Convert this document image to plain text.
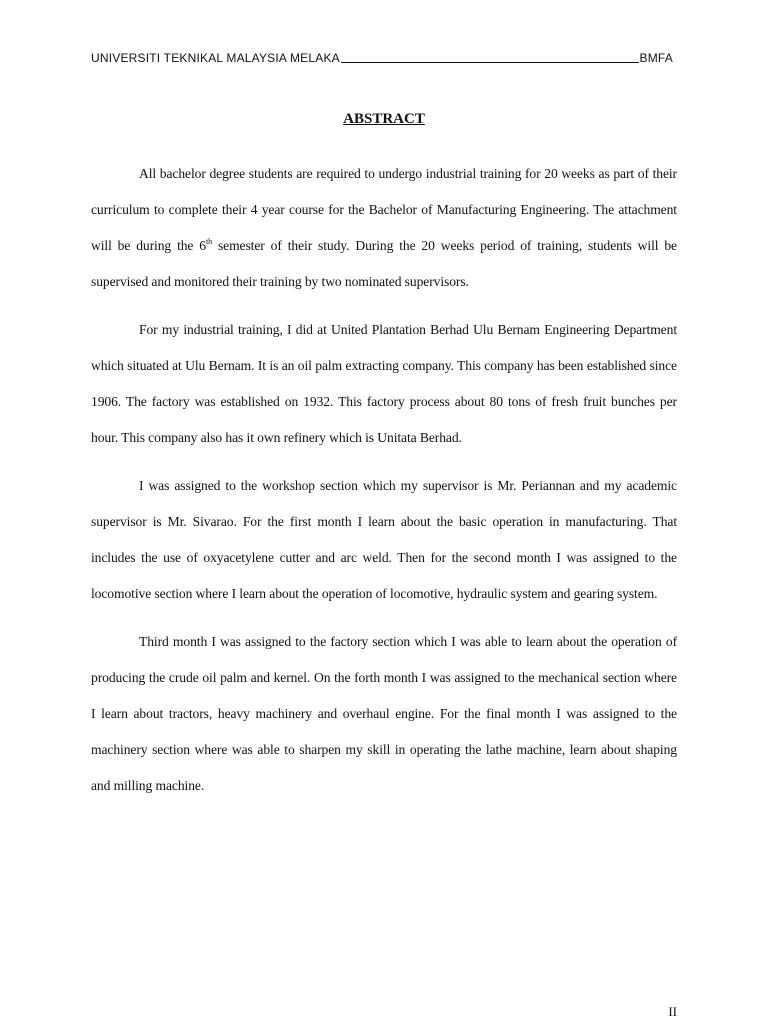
UNIVERSITI TEKNIKAL MALAYSIA MELAKA	BMFA
ABSTRACT

All bachelor degree students are required to undergo industrial training for 20 weeks as part of their curriculum to complete their 4 year course for the Bachelor of Manufacturing Engineering. The attachment will be during the 6th semester of their study. During the 20 weeks period of training, students will be supervised and monitored their training by two nominated supervisors.

For my industrial training, I did at United Plantation Berhad Ulu Bernam Engineering Department which situated at Ulu Bernam. It is an oil palm extracting company. This company has been established since 1906. The factory was established on 1932. This factory process about 80 tons of fresh fruit bunches per hour. This company also has it own refinery which is Unitata Berhad.

I was assigned to the workshop section which my supervisor is Mr. Periannan and my academic supervisor is Mr. Sivarao. For the first month I learn about the basic operation in manufacturing. That includes the use of oxyacetylene cutter and arc weld. Then for the second month I was assigned to the locomotive section where I learn about the operation of locomotive, hydraulic system and gearing system.

Third month I was assigned to the factory section which I was able to learn about the operation of producing the crude oil palm and kernel. On the forth month I was assigned to the mechanical section where I learn about tractors, heavy machinery and overhaul engine. For the final month I was assigned to the machinery section where was able to sharpen my skill in operating the lathe machine, learn about shaping and milling machine.

II
